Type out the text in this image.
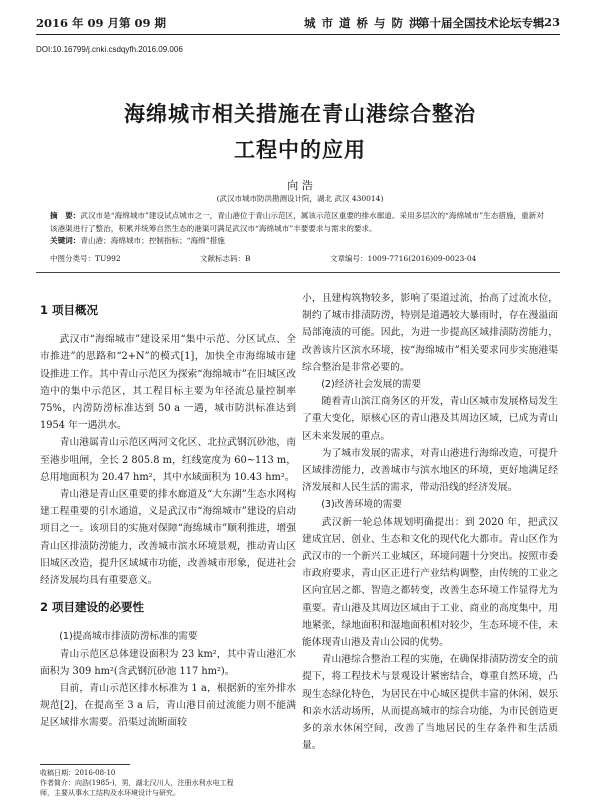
2016 年 09 月第 09 期	城 市 道 桥 与 防 洪
第十届全国技术论坛专辑 23
DOI:10.16799/j.cnki.csdqyfh.2016.09.006
海绵城市相关措施在青山港综合整治
工程中的应用
向 浩
(武汉市城市防洪勘测设计院，湖北 武汉 430014)
摘　要：武汉市是“海绵城市”建设试点城市之一，青山港位于青山示范区，属该示范区重要的排水廊道。采用多层次的“海绵城市”生态措施，重新对该港渠进行了整治，积累并统筹自然生态的港渠可满足武汉市“海绵城市”丰要要求与需求的要求。
关键词：青山港；海绵城市；控制指标；“海绵”措施
中图分类号：TU992	文献标志码：B	文章编号：1009-7716(2016)09-0023-04
1 项目概况

武汉市“海绵城市”建设采用“集中示范、分区试点、全市推进”的思路和“2+N”的模式[1]，加快全市海绵城市建设推进工作。其中青山示范区为探索“海绵城市”在旧城区改造中的集中示范区，其工程目标主要为年径流总量控制率 75%，内涝防涝标准达到 50 a 一遇，城市防洪标准达到 1954 年一遇洪水。

青山港属青山示范区两河文化区、北拉武钢沉砂池，南至港步咀闸，全长 2 805.8 m，红线宽度为 60~113 m，总用地面积为 20.47 hm²，其中水域面积为 10.43 hm²。

青山港是青山区重要的排水廊道及“大东湖”生态水网构建工程重要的引水通道，义是武汉市“海绵城市”建设的启动项目之一。该项目的实施对保障“海绵城市”顺利推进，增强青山区排渍防涝能力，改善城市滨水环境景观，推动青山区旧城区改造，提升区域城市功能，改善城市形象，促进社会经济发展均具有重要意义。

2 项目建设的必要性
(1)提高城市排渍防涝标准的需要

青山示范区总体建设面积为 23 km²，其中青山港汇水面积为 309 hm²(含武钢沉砂池 117 hm²)。

目前，青山示范区排水标准为 1 a，根据新的室外排水规范[2]，在提高至 3 a 后，青山港目前过流能力则不能满足区域排水需要。沿渠过流断面较

小，且建构筑物较多，影响了渠道过流，抬高了过流水位，制约了城市排渍防涝，特别是道遇较大暴雨时，存在漫溢面局部淹渍的可能。因此，为进一步提高区域排渍防涝能力，改善该片区滨水环境，按“海绵城市”相关要求同步实施港渠综合整治是非常必要的。

(2)经济社会发展的需要

随着青山滨江商务区的开发，青山区城市发展格局发生了重大变化，原核心区的青山港及其周边区域，已成为青山区未来发展的重点。

为了城市发展的需求，对青山港进行海绵改造，可提升区域排涝能力，改善城市与滨水地区的环境，更好地满足经济发展和人民生活的需求，带动沿线的经济发展。

(3)改善环境的需要

武汉新一轮总体规划明确提出：到 2020 年，把武汉建成宜居、创业、生态和文化的现代化大都市。青山区作为武汉市的一个新兴工业城区，环境问题十分突出。按照市委市政府要求，青山区正进行产业结构调整，由传统的工业之区向宜居之都、智造之都转变，改善生态环境工作显得尤为重要。青山港及其周边区域由于工业、商业的高度集中，用地紧张，绿地面积和湿地面积相对较少，生态环境不佳，未能体现青山港及青山公园的优势。

青山港综合整治工程的实施，在确保排渍防涝安全的前提下，将工程技术与景观设计紧密结合，尊重自然环境，凸现生态绿化特色，为居民在中心城区提供丰富的休闲、娱乐和亲水活动场所，从而提高城市的综合功能，为市民创造更多的亲水休闲空间，改善了当地居民的生存条件和生活质量。

收稿日期：2016-08-10
作者简介：向浩(1985-)，男，湖北汉川人，注册水利水电工程
师，主要从事水工结构及水环境设计与研究。
